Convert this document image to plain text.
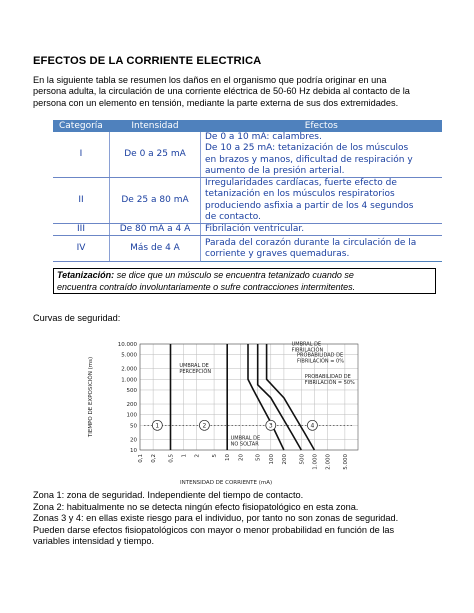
EFECTOS DE LA CORRIENTE ELECTRICA
En la siguiente tabla se resumen los daños en el organismo que podría originar en una
persona adulta, la circulación de una corriente eléctrica de 50-60 Hz debida al contacto de la
persona con un elemento en tensión, mediante la parte externa de sus dos extremidades.
Categoría	Intensidad	Efectos
I	De 0 a 25 mA	De 0 a 10 mA: calambres.
De 10 a 25 mA: tetanización de los músculos
en brazos y manos, dificultad de respiración y
aumento de la presión arterial.

II	De 25 a 80 mA	Irregularidades cardíacas, fuerte efecto de
tetanización en los músculos respiratorios
produciendo asfixia a partir de los 4 segundos
de contacto.

III	De 80 mA a 4 A	Fibrilación ventricular.

IV	Más de 4 A	Parada del corazón durante la circulación de la
corriente y graves quemaduras.
Tetanización: se dice que un músculo se encuentra tetanizado cuando se
encuentra contraído involuntariamente o sufre contracciones intermitentes.
Curvas de seguridad:
10
20
50
100
200
500
1.000
2.000
5.000
10.000
0,1 0,2 0,5 1 2 5 10 20 50 100 200 500 1.000 2.000 5.000
INTENSIDAD DE CORRIENTE (mA)
TIEMPO DE EXPOSICIÓN (ms)	1	2	3	4
UMBRAL DE
PERCEPCIÓN
UMBRAL DE
FIBRILACIÓN
PROBABILIDAD DE
FIBRILACIÓN = 0%
PROBABILIDAD DE
FIBRILACIÓN = 50%
UMBRAL DE
NO SOLTAR
Zona 1: zona de seguridad. Independiente del tiempo de contacto.
Zona 2: habitualmente no se detecta ningún efecto fisiopatológico en esta zona.
Zonas 3 y 4: en ellas existe riesgo para el individuo, por tanto no son zonas de seguridad.
Pueden darse efectos fisiopatológicos con mayor o menor probabilidad en función de las
variables intensidad y tiempo.
